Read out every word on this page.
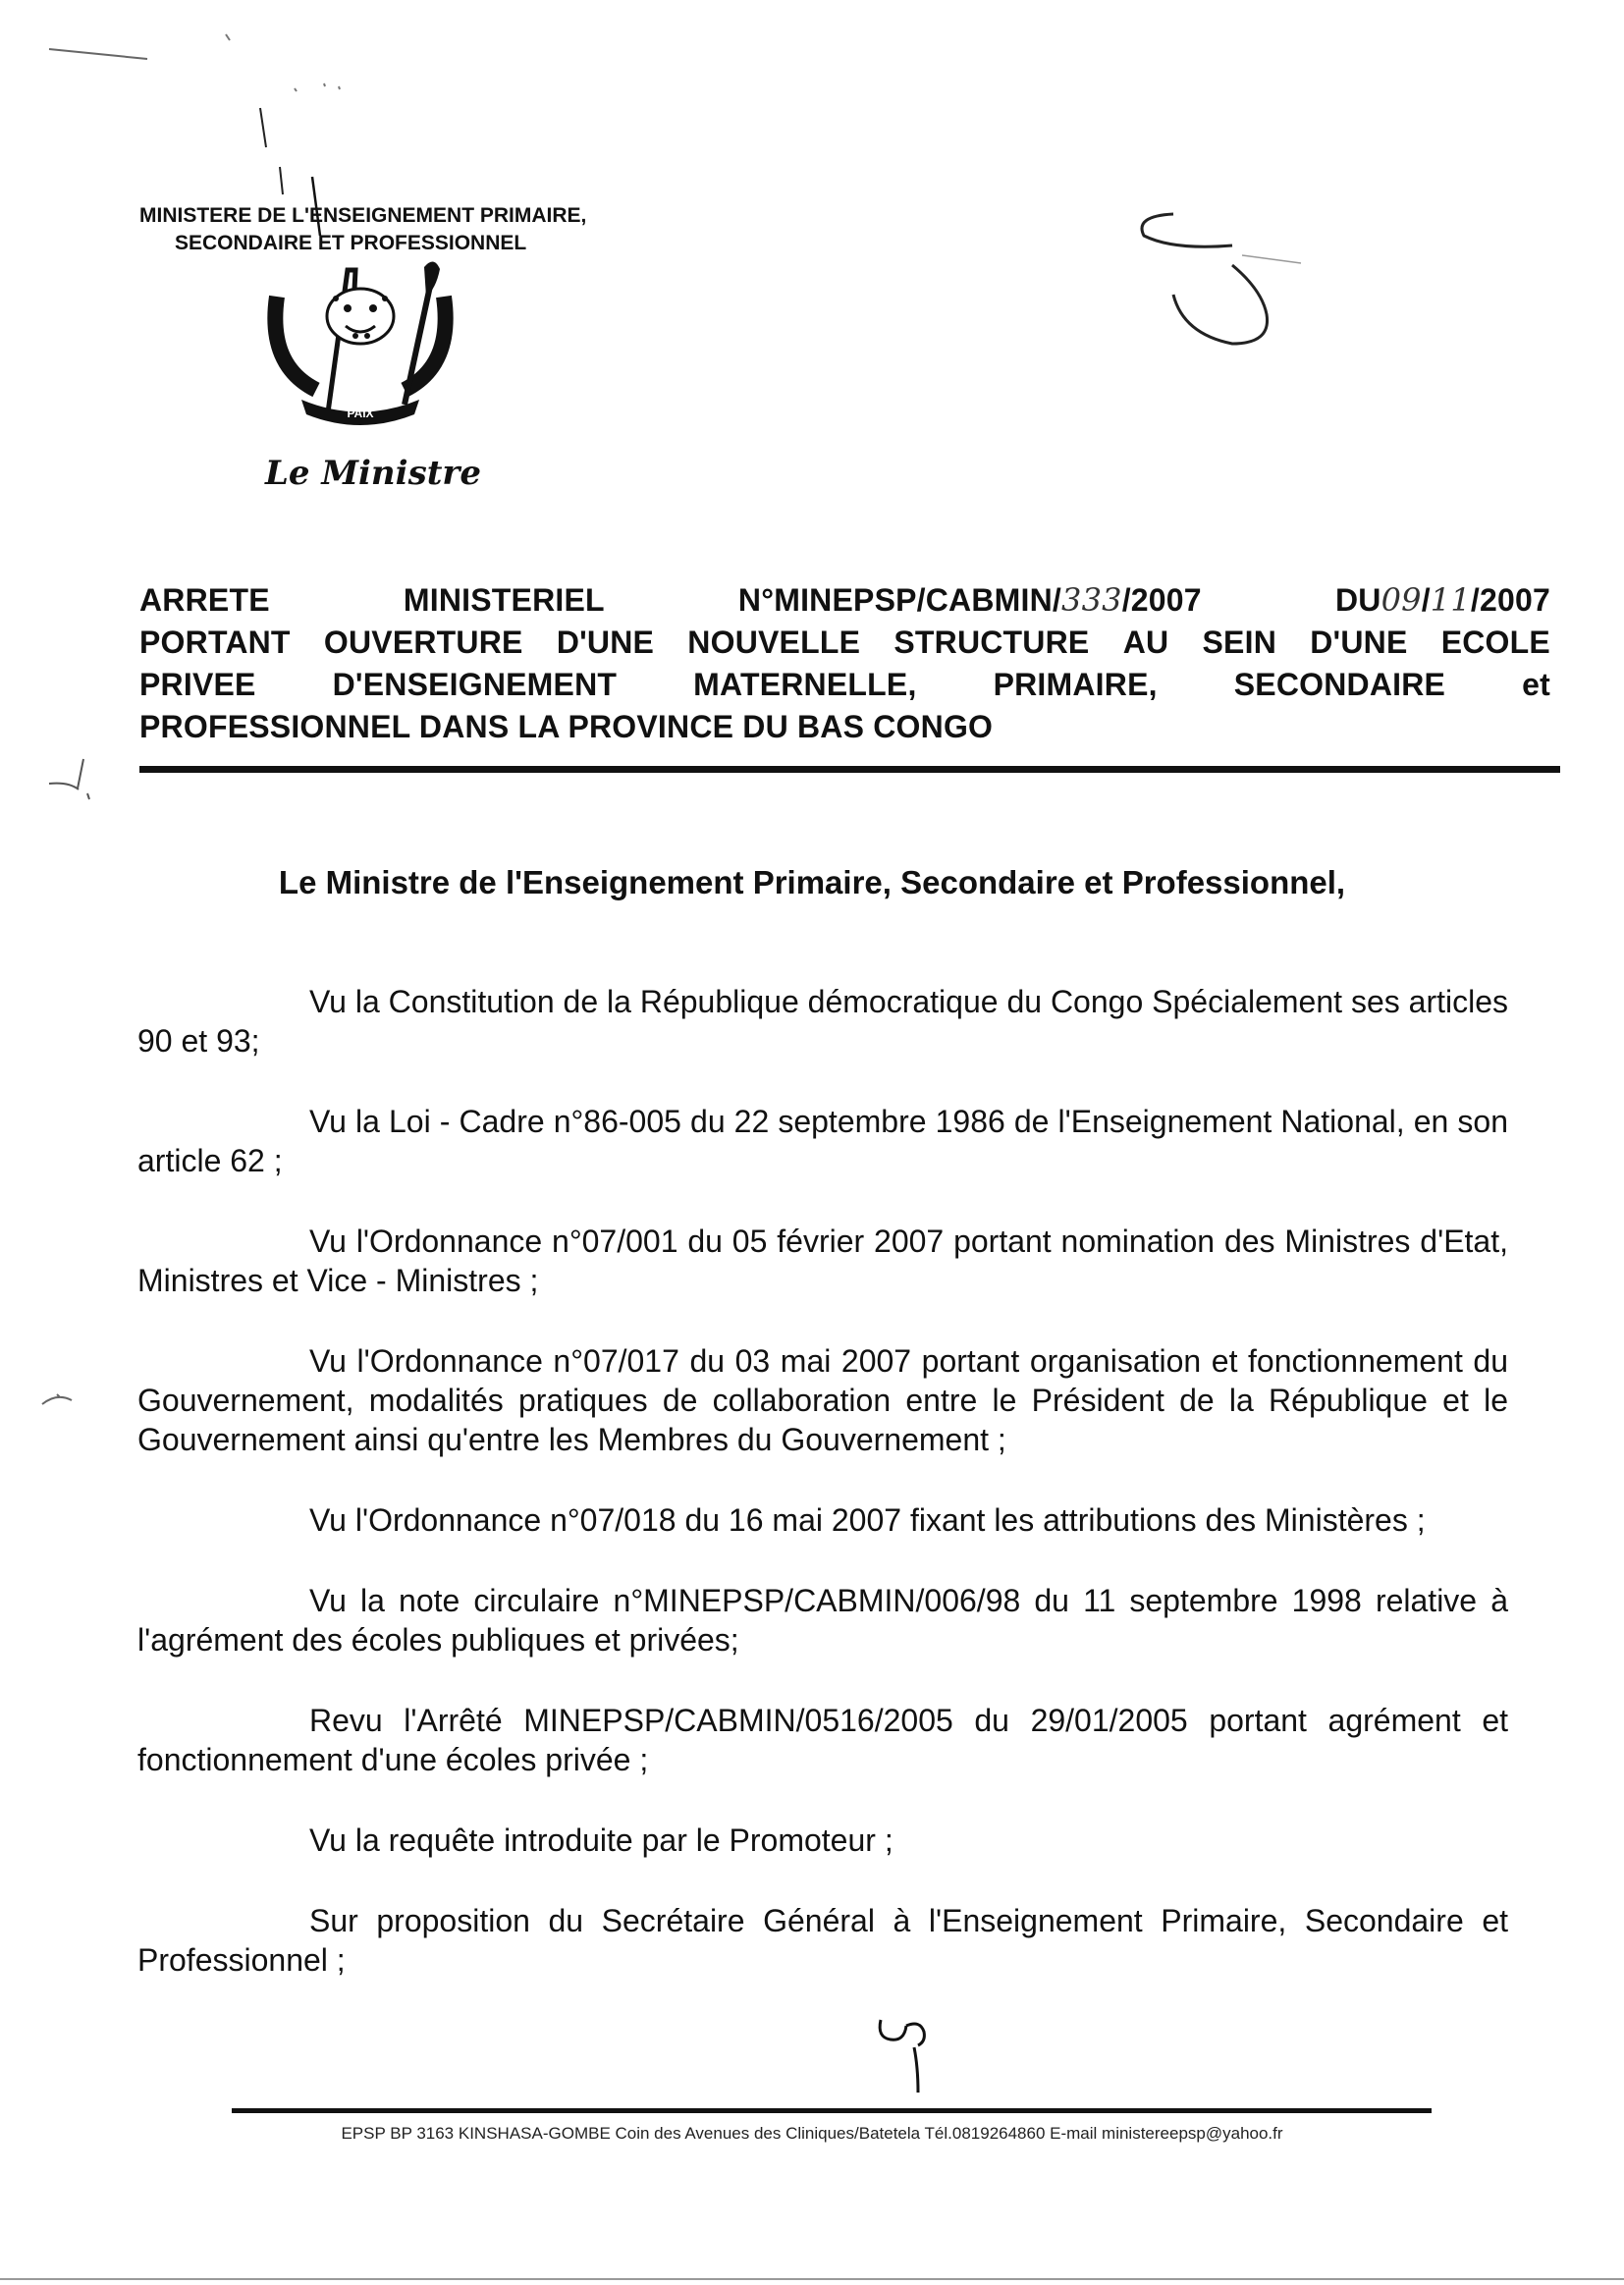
MINISTERE DE L'ENSEIGNEMENT PRIMAIRE,
SECONDAIRE ET PROFESSIONNEL
PAIX
Le Ministre
5
ARRETE	MINISTERIEL	N°MINEPSP/CABMIN/333/2007	DU09/11/2007
PORTANT OUVERTURE D'UNE NOUVELLE STRUCTURE AU SEIN D'UNE ECOLE
PRIVEE D'ENSEIGNEMENT MATERNELLE, PRIMAIRE, SECONDAIRE et
PROFESSIONNEL DANS LA PROVINCE DU BAS CONGO
Le Ministre de l'Enseignement Primaire, Secondaire et Professionnel,

Vu la Constitution de la République démocratique du Congo Spécialement ses articles 90 et 93;

Vu la Loi - Cadre n°86-005 du 22 septembre 1986 de l'Enseignement National, en son article 62 ;

Vu l'Ordonnance n°07/001 du 05 février 2007 portant nomination des Ministres d'Etat, Ministres et Vice - Ministres ;

Vu l'Ordonnance n°07/017 du 03 mai 2007 portant organisation et fonctionnement du Gouvernement, modalités pratiques de collaboration entre le Président de la République et le Gouvernement ainsi qu'entre les Membres du Gouvernement ;

Vu l'Ordonnance n°07/018 du 16 mai 2007 fixant les attributions des Ministères ;

Vu la note circulaire n°MINEPSP/CABMIN/006/98 du 11 septembre 1998 relative à l'agrément des écoles publiques et privées;

Revu l'Arrêté MINEPSP/CABMIN/0516/2005 du 29/01/2005 portant agrément et fonctionnement d'une écoles privée ;

Vu la requête introduite par le Promoteur ;

Sur proposition du Secrétaire Général à l'Enseignement Primaire, Secondaire et Professionnel ;

EPSP BP 3163 KINSHASA-GOMBE Coin des Avenues des Cliniques/Batetela Tél.0819264860 E-mail ministereepsp@yahoo.fr
